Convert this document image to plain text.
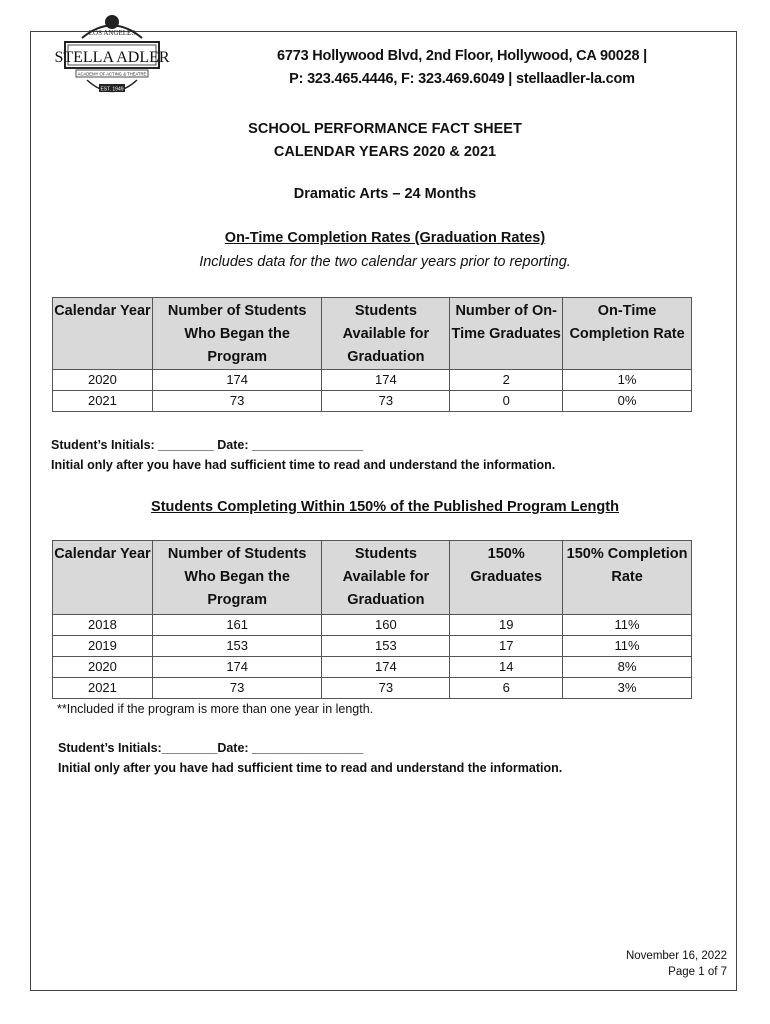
LOS ANGELES
STELLA ADLER
ACADEMY OF ACTING & THEATRE
EST. 1949
6773 Hollywood Blvd, 2nd Floor, Hollywood, CA 90028 |
P: 323.465.4446, F: 323.469.6049 | stellaadler-la.com
SCHOOL PERFORMANCE FACT SHEET
CALENDAR YEARS 2020 & 2021
Dramatic Arts – 24 Months
On-Time Completion Rates (Graduation Rates)
Includes data for the two calendar years prior to reporting.
Calendar Year	Number of Students Who Began the Program	Students Available for Graduation	Number of On-Time Graduates	On-Time Completion Rate
2020	174	174	2	1%
2021	73	73	0	0%
Student’s Initials: ________ Date: ________________
Initial only after you have had sufficient time to read and understand the information.
Students Completing Within 150% of the Published Program Length
Calendar Year	Number of Students Who Began the Program	Students Available for Graduation	150% Graduates	150% Completion Rate
2018	161	160	19	11%
2019	153	153	17	11%
2020	174	174	14	8%
2021	73	73	6	3%
**Included if the program is more than one year in length.
Student’s Initials:________Date: ________________
Initial only after you have had sufficient time to read and understand the information.
November 16, 2022
Page 1 of 7
